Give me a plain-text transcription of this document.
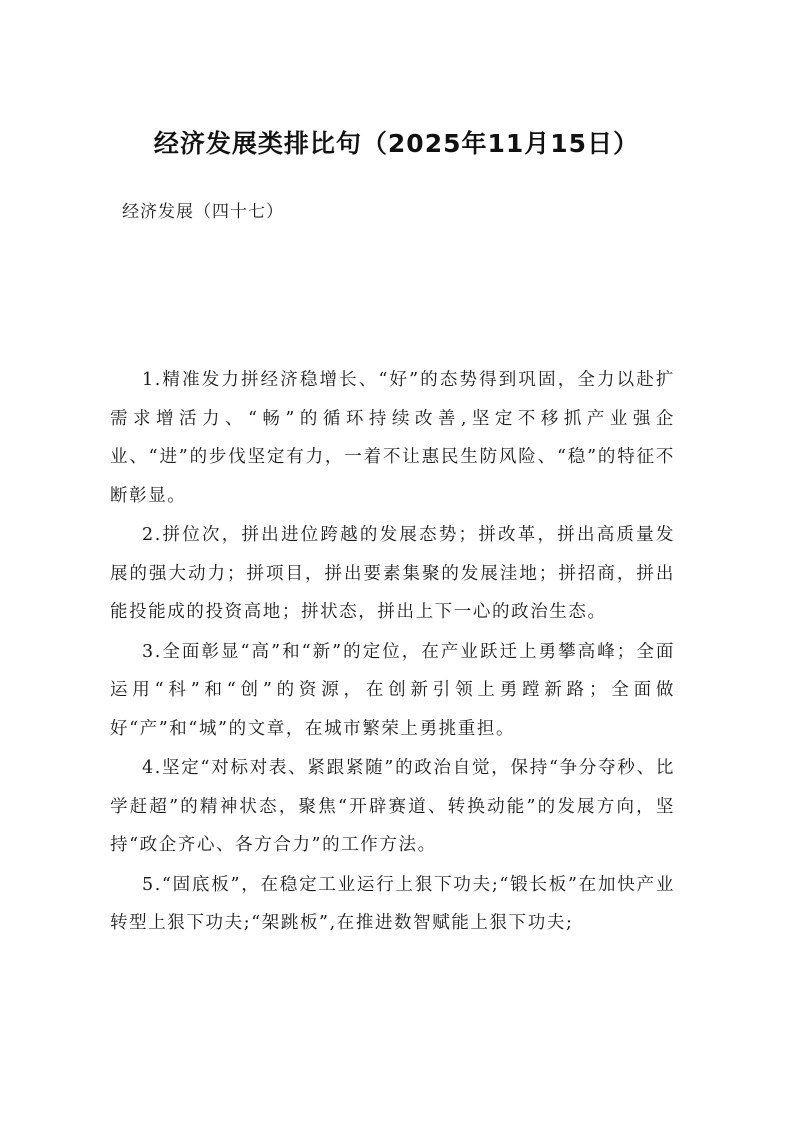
经济发展类排比句（2025年11月15日）

经济发展（四十七）

1.精准发力拼经济稳增长、“好”的态势得到巩固，全力以赴扩需求增活力、“畅”的循环持续改善,坚定不移抓产业强企业、“进”的步伐坚定有力，一着不让惠民生防风险、“稳”的特征不断彰显。

2.拼位次，拼出进位跨越的发展态势；拼改革，拼出高质量发展的强大动力；拼项目，拼出要素集聚的发展洼地；拼招商，拼出能投能成的投资高地；拼状态，拼出上下一心的政治生态。

3.全面彰显“高”和“新”的定位，在产业跃迁上勇攀高峰；全面运用“科”和“创”的资源，在创新引领上勇蹚新路；全面做好“产”和“城”的文章，在城市繁荣上勇挑重担。

4.坚定“对标对表、紧跟紧随”的政治自觉，保持“争分夺秒、比学赶超”的精神状态，聚焦“开辟赛道、转换动能”的发展方向，坚持“政企齐心、各方合力”的工作方法。

5.“固底板”，在稳定工业运行上狠下功夫;“锻长板”在加快产业转型上狠下功夫;“架跳板”,在推进数智赋能上狠下功夫;
